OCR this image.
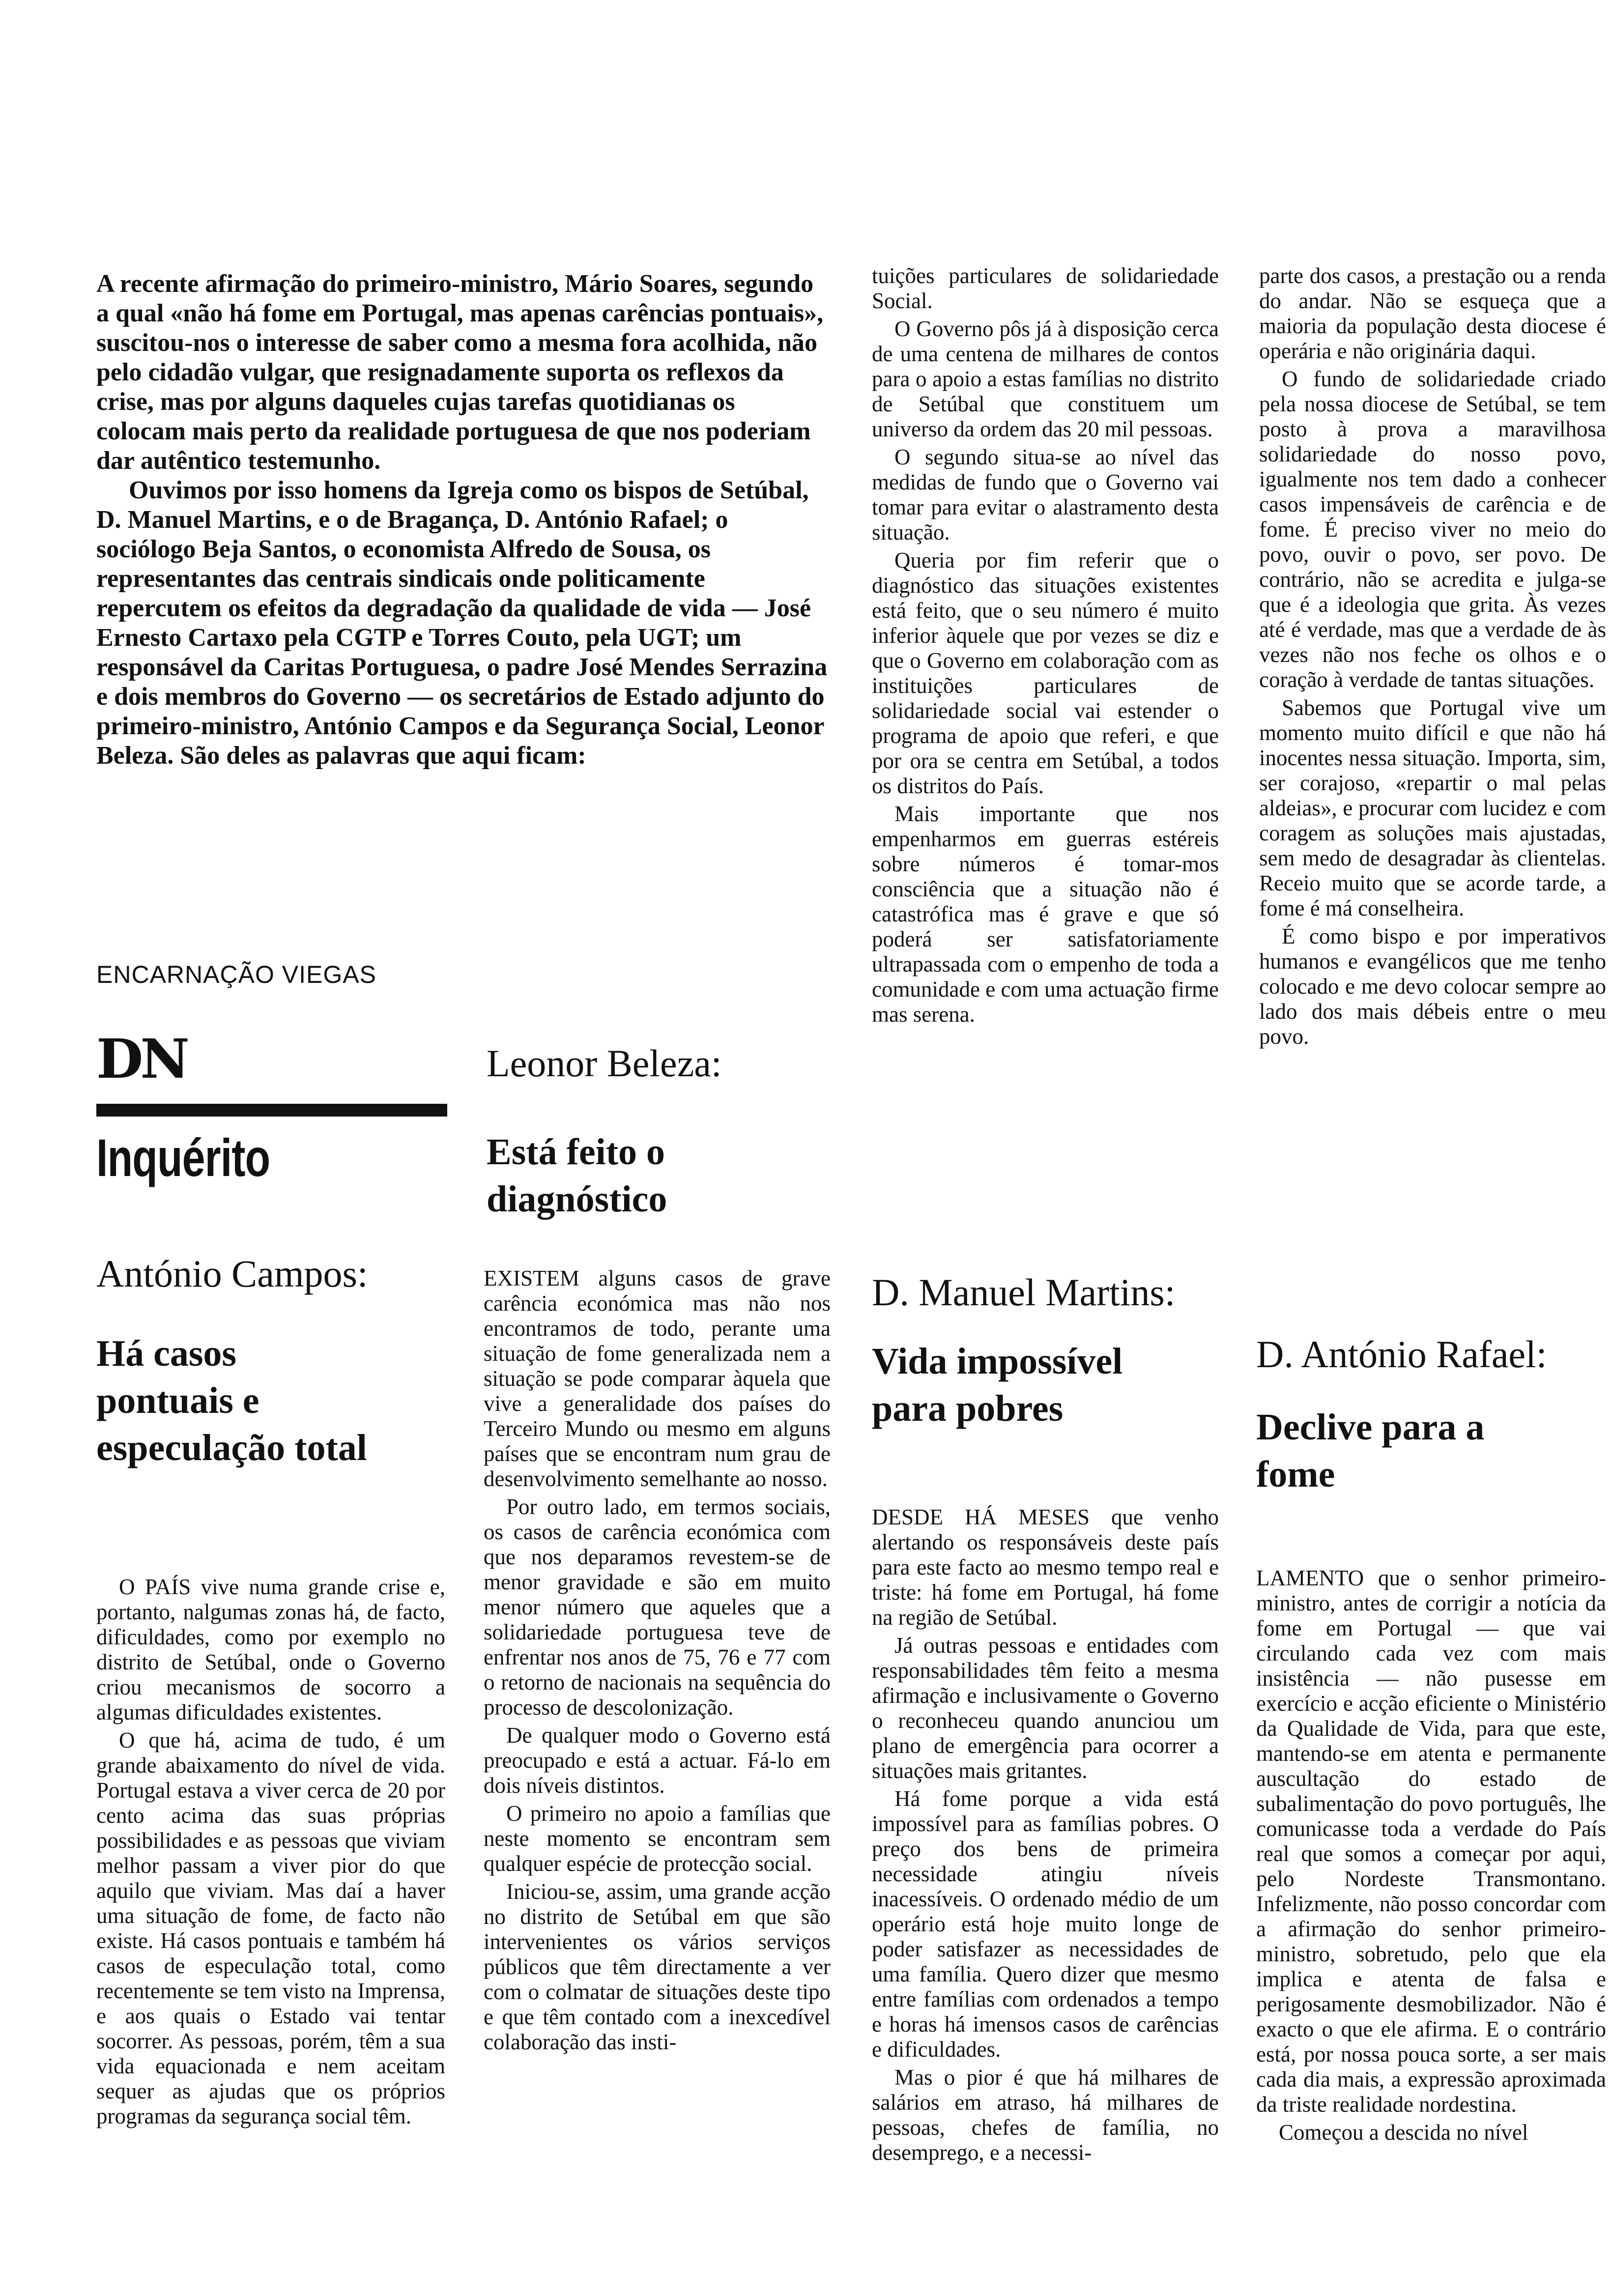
A recente afirmação do primeiro-ministro, Mário Soares, segundo a qual «não há fome em Portugal, mas apenas carências pontuais», suscitou-nos o interesse de saber como a mesma fora acolhida, não pelo cidadão vulgar, que resignadamente suporta os reflexos da crise, mas por alguns daqueles cujas tarefas quotidianas os colocam mais perto da realidade portuguesa de que nos poderiam dar autêntico testemunho.

Ouvimos por isso homens da Igreja como os bispos de Setúbal, D. Manuel Martins, e o de Bragança, D. António Rafael; o sociólogo Beja Santos, o economista Alfredo de Sousa, os representantes das centrais sindicais onde politicamente repercutem os efeitos da degradação da qualidade de vida — José Ernesto Cartaxo pela CGTP e Torres Couto, pela UGT; um responsável da Caritas Portuguesa, o padre José Mendes Serrazina e dois membros do Governo — os secretários de Estado adjunto do primeiro-ministro, António Campos e da Segurança Social, Leonor Beleza. São deles as palavras que aqui ficam:

ENCARNAÇÃO VIEGAS
DN
Inquérito
António Campos:
Há casos pontuais e especulação total

O PAÍS vive numa grande crise e, portanto, nalgumas zonas há, de facto, dificuldades, como por exemplo no distrito de Setúbal, onde o Governo criou mecanismos de socorro a algumas dificuldades existentes.

O que há, acima de tudo, é um grande abaixamento do nível de vida. Portugal estava a viver cerca de 20 por cento acima das suas próprias possibilidades e as pessoas que viviam melhor passam a viver pior do que aquilo que viviam. Mas daí a haver uma situação de fome, de facto não existe. Há casos pontuais e também há casos de especulação total, como recentemente se tem visto na Imprensa, e aos quais o Estado vai tentar socorrer. As pessoas, porém, têm a sua vida equacionada e nem aceitam sequer as ajudas que os próprios programas da segurança social têm.

Leonor Beleza:
Está feito o diagnóstico

EXISTEM alguns casos de grave carência económica mas não nos encontramos de todo, perante uma situação de fome generalizada nem a situação se pode comparar àquela que vive a generalidade dos países do Terceiro Mundo ou mesmo em alguns países que se encontram num grau de desenvolvimento semelhante ao nosso.

Por outro lado, em termos sociais, os casos de carência económica com que nos deparamos revestem-se de menor gravidade e são em muito menor número que aqueles que a solidariedade portuguesa teve de enfrentar nos anos de 75, 76 e 77 com o retorno de nacionais na sequência do processo de descolonização.

De qualquer modo o Governo está preocupado e está a actuar. Fá-lo em dois níveis distintos.

O primeiro no apoio a famílias que neste momento se encontram sem qualquer espécie de protecção social.

Iniciou-se, assim, uma grande acção no distrito de Setúbal em que são intervenientes os vários serviços públicos que têm directamente a ver com o colmatar de situações deste tipo e que têm contado com a inexcedível colaboração das insti-

tuições particulares de solidariedade Social.

O Governo pôs já à disposição cerca de uma centena de milhares de contos para o apoio a estas famílias no distrito de Setúbal que constituem um universo da ordem das 20 mil pessoas.

O segundo situa-se ao nível das medidas de fundo que o Governo vai tomar para evitar o alastramento desta situação.

Queria por fim referir que o diagnóstico das situações existentes está feito, que o seu número é muito inferior àquele que por vezes se diz e que o Governo em colaboração com as instituições particulares de solidariedade social vai estender o programa de apoio que referi, e que por ora se centra em Setúbal, a todos os distritos do País.

Mais importante que nos empenharmos em guerras estéreis sobre números é tomar-mos consciência que a situação não é catastrófica mas é grave e que só poderá ser satisfatoriamente ultrapassada com o empenho de toda a comunidade e com uma actuação firme mas serena.

D. Manuel Martins:
Vida impossível para pobres

DESDE HÁ MESES que venho alertando os responsáveis deste país para este facto ao mesmo tempo real e triste: há fome em Portugal, há fome na região de Setúbal.

Já outras pessoas e entidades com responsabilidades têm feito a mesma afirmação e inclusivamente o Governo o reconheceu quando anunciou um plano de emergência para ocorrer a situações mais gritantes.

Há fome porque a vida está impossível para as famílias pobres. O preço dos bens de primeira necessidade atingiu níveis inacessíveis. O ordenado médio de um operário está hoje muito longe de poder satisfazer as necessidades de uma família. Quero dizer que mesmo entre famílias com ordenados a tempo e horas há imensos casos de carências e dificuldades.

Mas o pior é que há milhares de salários em atraso, há milhares de pessoas, chefes de família, no desemprego, e a necessi-

parte dos casos, a prestação ou a renda do andar. Não se esqueça que a maioria da população desta diocese é operária e não originária daqui.

O fundo de solidariedade criado pela nossa diocese de Setúbal, se tem posto à prova a maravilhosa solidariedade do nosso povo, igualmente nos tem dado a conhecer casos impensáveis de carência e de fome. É preciso viver no meio do povo, ouvir o povo, ser povo. De contrário, não se acredita e julga-se que é a ideologia que grita. Às vezes até é verdade, mas que a verdade de às vezes não nos feche os olhos e o coração à verdade de tantas situações.

Sabemos que Portugal vive um momento muito difícil e que não há inocentes nessa situação. Importa, sim, ser corajoso, «repartir o mal pelas aldeias», e procurar com lucidez e com coragem as soluções mais ajustadas, sem medo de desagradar às clientelas. Receio muito que se acorde tarde, a fome é má conselheira.

É como bispo e por imperativos humanos e evangélicos que me tenho colocado e me devo colocar sempre ao lado dos mais débeis entre o meu povo.

D. António Rafael:
Declive para a fome

LAMENTO que o senhor primeiro-ministro, antes de corrigir a notícia da fome em Portugal — que vai circulando cada vez com mais insistência — não pusesse em exercício e acção eficiente o Ministério da Qualidade de Vida, para que este, mantendo-se em atenta e permanente auscultação do estado de subalimentação do povo português, lhe comunicasse toda a verdade do País real que somos a começar por aqui, pelo Nordeste Transmontano. Infelizmente, não posso concordar com a afirmação do senhor primeiro-ministro, sobretudo, pelo que ela implica e atenta de falsa e perigosamente desmobilizador. Não é exacto o que ele afirma. E o contrário está, por nossa pouca sorte, a ser mais cada dia mais, a expressão aproximada da triste realidade nordestina.

Começou a descida no nível
